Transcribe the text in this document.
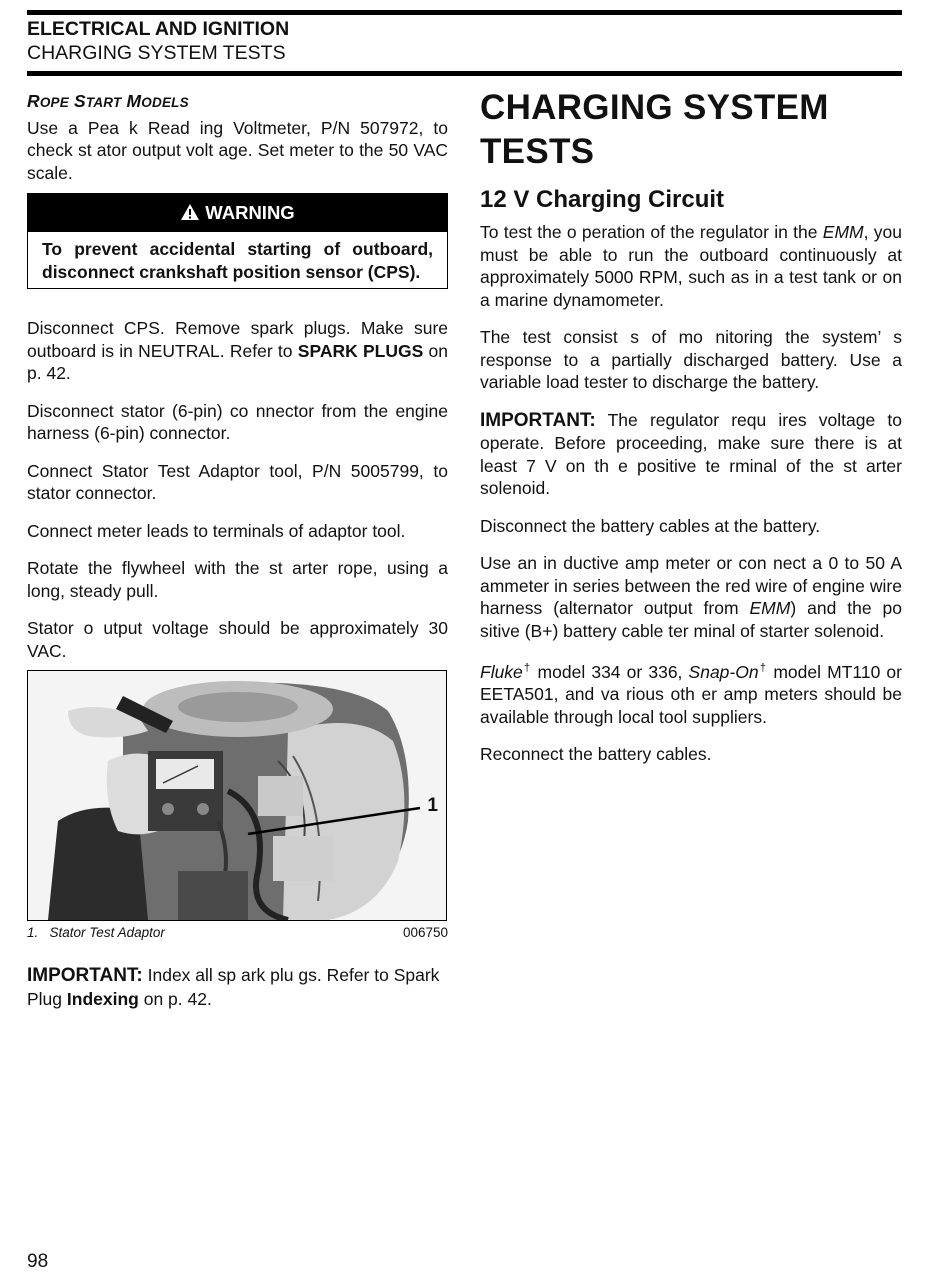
ELECTRICAL AND IGNITION
CHARGING SYSTEM TESTS

ROPE START MODELS

Use a Pea k Read ing Voltmeter, P/N 507972, to check st ator output volt age. Set meter to the 50 VAC scale.

WARNING
To prevent accidental starting of outboard, disconnect crankshaft position sensor (CPS).

Disconnect CPS. Remove spark plugs. Make sure outboard is in NEUTRAL. Refer to SPARK PLUGS on p. 42.

Disconnect stator (6-pin) co nnector from the engine harness (6-pin) connector.

Connect Stator Test Adaptor tool, P/N 5005799, to stator connector.

Connect meter leads to terminals of adaptor tool.

Rotate the flywheel with the st arter rope, using a long, steady pull.

Stator o utput voltage should be approximately 30 VAC.

1
1. Stator Test Adaptor	006750

IMPORTANT: Index all sp ark plu gs. Refer to Spark Plug Indexing on p. 42.

CHARGING SYSTEM TESTS
12 V Charging Circuit

To test the o peration of the regulator in the EMM, you must be able to run the outboard continuously at approximately 5000 RPM, such as in a test tank or on a marine dynamometer.

The test consist s of mo nitoring the system’ s response to a partially discharged battery. Use a variable load tester to discharge the battery.

IMPORTANT: The regulator requ ires voltage to operate. Before proceeding, make sure there is at least 7 V on th e positive te rminal of the st arter solenoid.

Disconnect the battery cables at the battery.

Use an in ductive amp meter or con nect a 0 to 50 A ammeter in series between the red wire of engine wire harness (alternator output from EMM) and the po sitive (B+) battery cable ter minal of starter solenoid.

Fluke† model 334 or 336, Snap-On† model MT110 or EETA501, and va rious oth er amp meters should be available through local tool suppliers.

Reconnect the battery cables.

98
